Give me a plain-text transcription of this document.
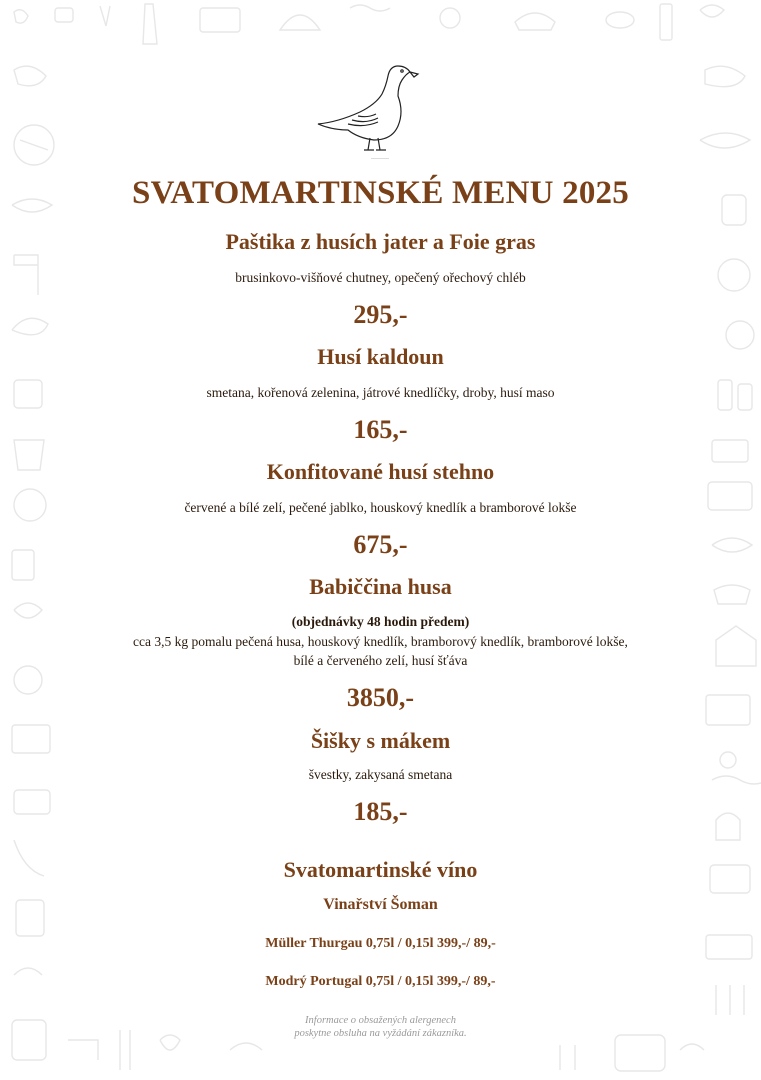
SVATOMARTINSKÉ MENU 2025
Paštika z husích jater a Foie gras
brusinkovo-višňové chutney, opečený ořechový chléb
295,-
Husí kaldoun
smetana, kořenová zelenina, játrové knedlíčky, droby, husí maso
165,-
Konfitované husí stehno
červené a bílé zelí, pečené jablko, houskový knedlík a bramborové lokše
675,-
Babiččina husa
(objednávky 48 hodin předem)
cca 3,5 kg pomalu pečená husa, houskový knedlík, bramborový knedlík, bramborové lokše,
bílé a červeného zelí, husí šťáva
3850,-
Šišky s mákem
švestky, zakysaná smetana
185,-
Svatomartinské víno
Vinařství Šoman
Müller Thurgau 0,75l / 0,15l 399,-/ 89,-
Modrý Portugal 0,75l / 0,15l 399,-/ 89,-
Informace o obsažených alergenech
poskytne obsluha na vyžádání zákazníka.
